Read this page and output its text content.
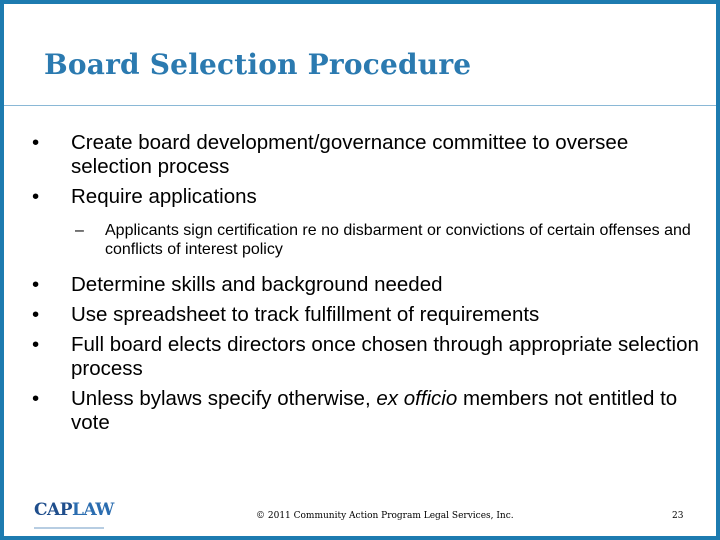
Board Selection Procedure
• Create board development/governance committee to oversee selection process
• Require applications
– Applicants sign certification re no disbarment or convictions of certain offenses and conflicts of interest policy
• Determine skills and background needed
• Use spreadsheet to track fulfillment of requirements
• Full board elects directors once chosen through appropriate selection process
• Unless bylaws specify otherwise, ex officio members not entitled to vote
CAPLAW	© 2011 Community Action Program Legal Services, Inc.	23
